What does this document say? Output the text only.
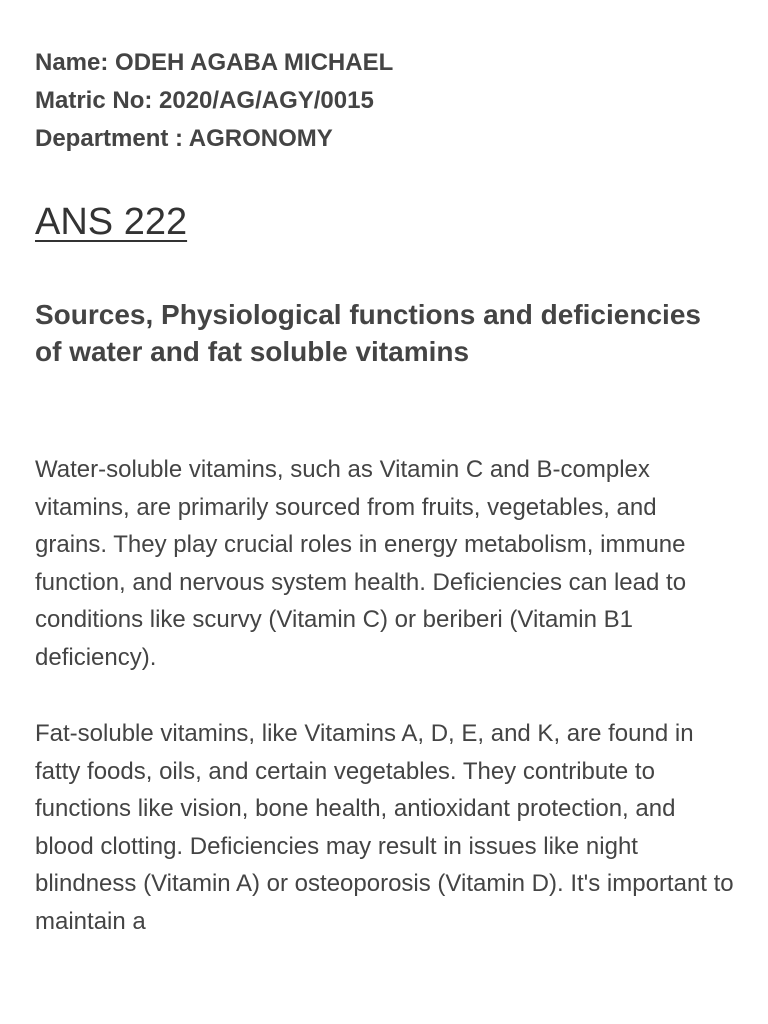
Name: ODEH AGABA MICHAEL
Matric No: 2020/AG/AGY/0015
Department : AGRONOMY
ANS 222
Sources, Physiological functions and deficiencies of water and fat soluble vitamins

Water-soluble vitamins, such as Vitamin C and B-complex vitamins, are primarily sourced from fruits, vegetables, and grains. They play crucial roles in energy metabolism, immune function, and nervous system health. Deficiencies can lead to conditions like scurvy (Vitamin C) or beriberi (Vitamin B1 deficiency).

Fat-soluble vitamins, like Vitamins A, D, E, and K, are found in fatty foods, oils, and certain vegetables. They contribute to functions like vision, bone health, antioxidant protection, and blood clotting. Deficiencies may result in issues like night blindness (Vitamin A) or osteoporosis (Vitamin D). It's important to maintain a
